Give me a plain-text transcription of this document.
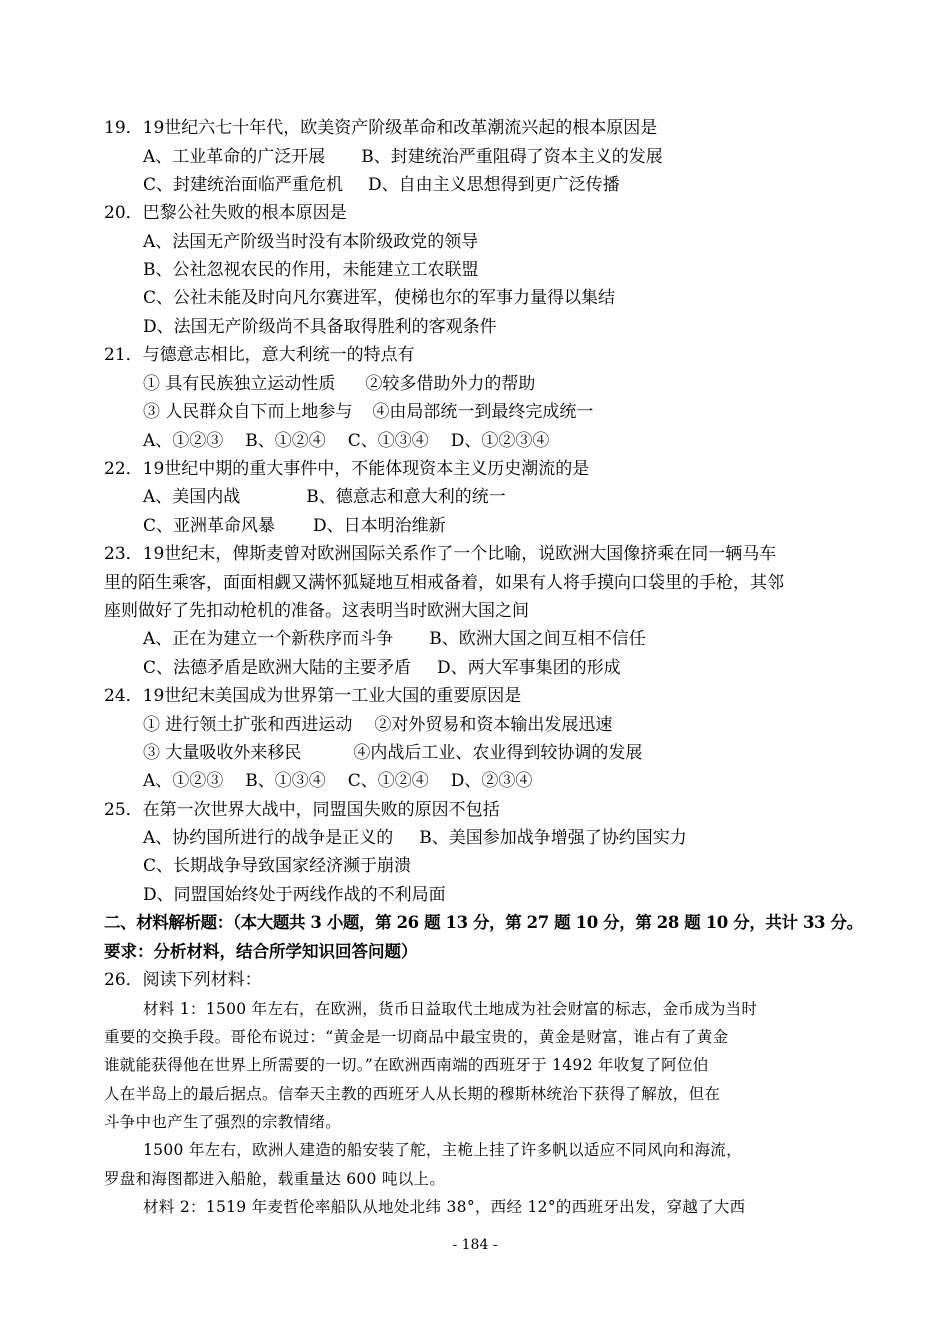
19．19世纪六七十年代，欧美资产阶级革命和改革潮流兴起的根本原因是
A、工业革命的广泛开展 B、封建统治严重阻碍了资本主义的发展
C、封建统治面临严重危机 D、自由主义思想得到更广泛传播
20．巴黎公社失败的根本原因是
A、法国无产阶级当时没有本阶级政党的领导
B、公社忽视农民的作用，未能建立工农联盟
C、公社未能及时向凡尔赛进军，使梯也尔的军事力量得以集结
D、法国无产阶级尚不具备取得胜利的客观条件
21．与德意志相比，意大利统一的特点有
① 具有民族独立运动性质 ②较多借助外力的帮助
③ 人民群众自下而上地参与 ④由局部统一到最终完成统一
A、①②③ B、①②④ C、①③④ D、①②③④
22．19世纪中期的重大事件中，不能体现资本主义历史潮流的是
A、美国内战	B、德意志和意大利的统一
C、亚洲革命风暴 D、日本明治维新
23．19世纪末，俾斯麦曾对欧洲国际关系作了一个比喻，说欧洲大国像挤乘在同一辆马车
里的陌生乘客，面面相觑又满怀狐疑地互相戒备着，如果有人将手摸向口袋里的手枪，其邻
座则做好了先扣动枪机的准备。这表明当时欧洲大国之间
A、正在为建立一个新秩序而斗争 B、欧洲大国之间互相不信任
C、法德矛盾是欧洲大陆的主要矛盾 D、两大军事集团的形成
24．19世纪末美国成为世界第一工业大国的重要原因是
① 进行领土扩张和西进运动 ②对外贸易和资本输出发展迅速
③ 大量吸收外来移民	④内战后工业、农业得到较协调的发展
A、①②③ B、①③④ C、①②④ D、②③④
25．在第一次世界大战中，同盟国失败的原因不包括
A、协约国所进行的战争是正义的 B、美国参加战争增强了协约国实力
C、长期战争导致国家经济濒于崩溃
D、同盟国始终处于两线作战的不利局面
二、材料解析题：（本大题共 3 小题，第 26 题 13 分，第 27 题 10 分，第 28 题 10 分，共计 33 分。
要求：分析材料，结合所学知识回答问题）
26．阅读下列材料：
材料 1：1500 年左右，在欧洲，货币日益取代土地成为社会财富的标志，金币成为当时
重要的交换手段。哥伦布说过：“黄金是一切商品中最宝贵的，黄金是财富，谁占有了黄金
谁就能获得他在世界上所需要的一切。”在欧洲西南端的西班牙于 1492 年收复了阿位伯
人在半岛上的最后据点。信奉天主教的西班牙人从长期的穆斯林统治下获得了解放，但在
斗争中也产生了强烈的宗教情绪。
1500 年左右，欧洲人建造的船安装了舵，主桅上挂了许多帆以适应不同风向和海流，
罗盘和海图都进入船舱，载重量达 600 吨以上。
材料 2：1519 年麦哲伦率船队从地处北纬 38°，西经 12°的西班牙出发，穿越了大西
- 184 -
